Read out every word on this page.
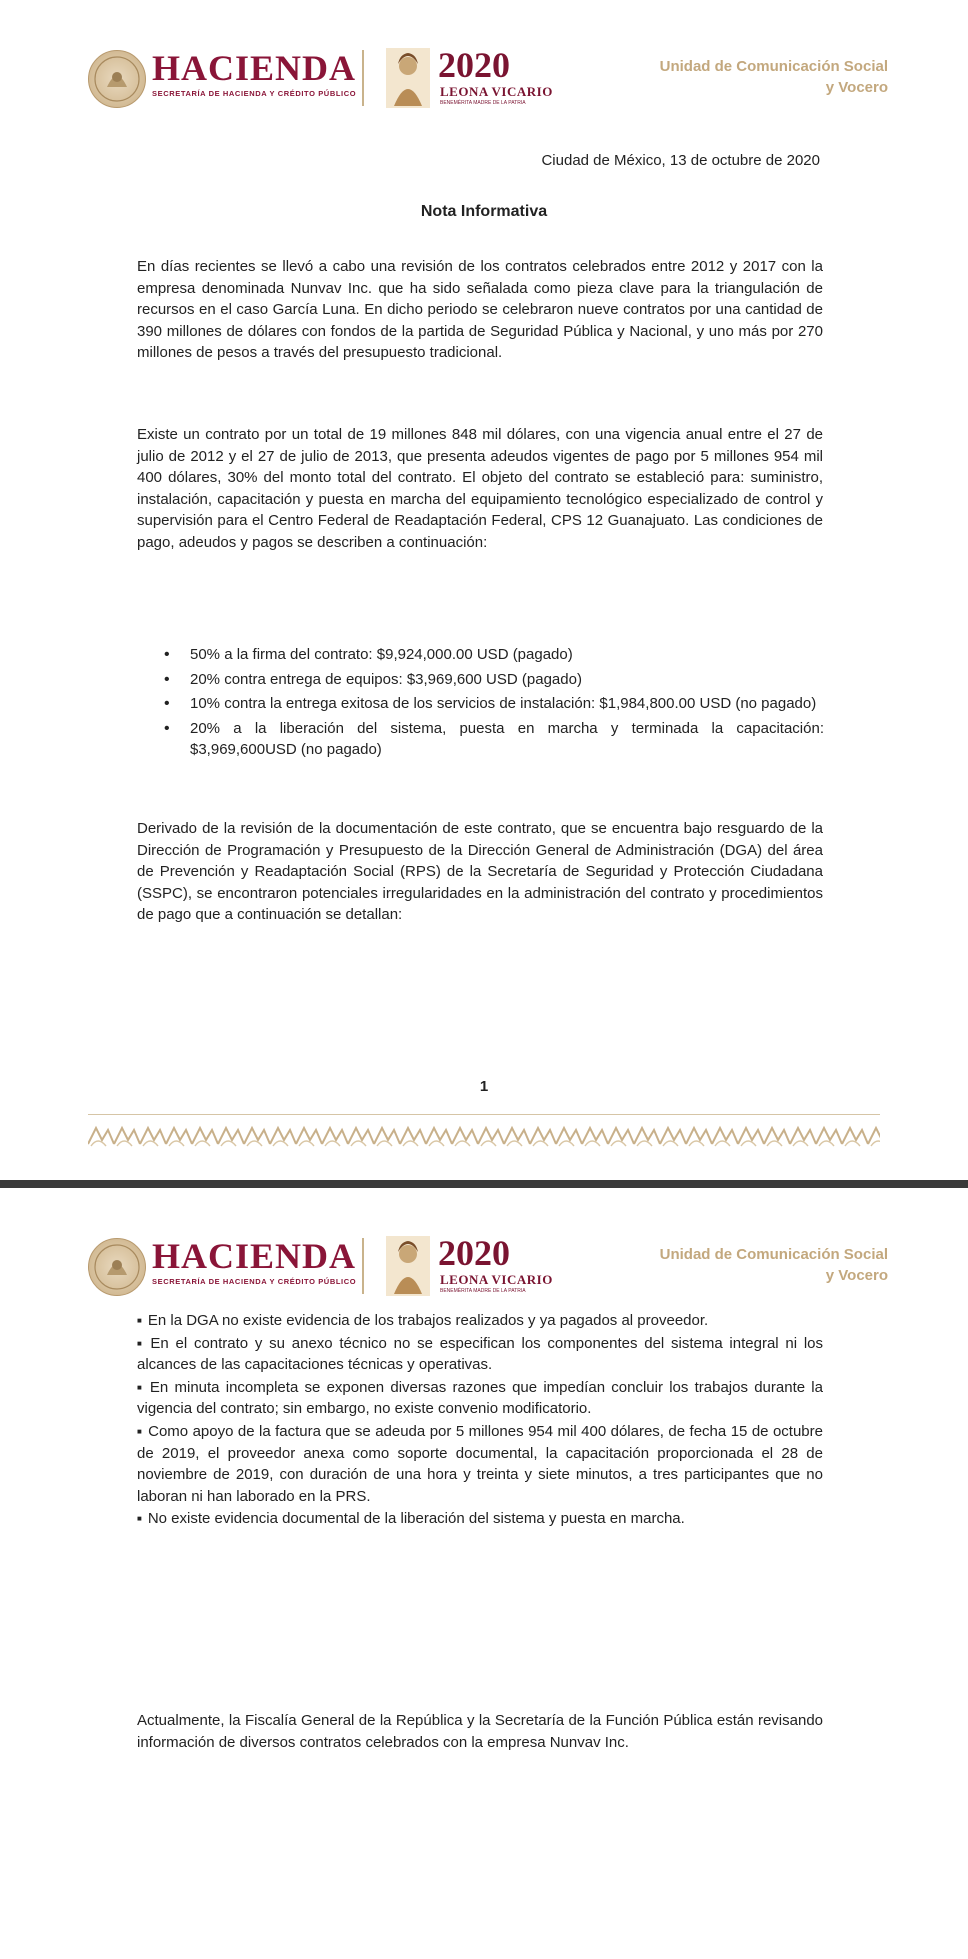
HACIENDA
SECRETARÍA DE HACIENDA Y CRÉDITO PÚBLICO
2020
LEONA VICARIO
BENEMÉRITA MADRE DE LA PATRIA
Unidad de Comunicación Social
y Vocero
Ciudad de México, 13 de octubre de 2020
Nota Informativa

En días recientes se llevó a cabo una revisión de los contratos celebrados entre 2012 y 2017 con la empresa denominada Nunvav Inc. que ha sido señalada como pieza clave para la triangulación de recursos en el caso García Luna. En dicho periodo se celebraron nueve contratos por una cantidad de 390 millones de dólares con fondos de la partida de Seguridad Pública y Nacional, y uno más por 270 millones de pesos a través del presupuesto tradicional.

Existe un contrato por un total de 19 millones 848 mil dólares, con una vigencia anual entre el 27 de julio de 2012 y el 27 de julio de 2013, que presenta adeudos vigentes de pago por 5 millones 954 mil 400 dólares, 30% del monto total del contrato. El objeto del contrato se estableció para: suministro, instalación, capacitación y puesta en marcha del equipamiento tecnológico especializado de control y supervisión para el Centro Federal de Readaptación Federal, CPS 12 Guanajuato. Las condiciones de pago, adeudos y pagos se describen a continuación:

• 50% a la firma del contrato: $9,924,000.00 USD (pagado)
• 20% contra entrega de equipos: $3,969,600 USD (pagado)
• 10% contra la entrega exitosa de los servicios de instalación: $1,984,800.00 USD (no pagado)
• 20% a la liberación del sistema, puesta en marcha y terminada la capacitación: $3,969,600USD (no pagado)

Derivado de la revisión de la documentación de este contrato, que se encuentra bajo resguardo de la Dirección de Programación y Presupuesto de la Dirección General de Administración (DGA) del área de Prevención y Readaptación Social (RPS) de la Secretaría de Seguridad y Protección Ciudadana (SSPC), se encontraron potenciales irregularidades en la administración del contrato y procedimientos de pago que a continuación se detallan:

1
HACIENDA
SECRETARÍA DE HACIENDA Y CRÉDITO PÚBLICO
2020
LEONA VICARIO
BENEMÉRITA MADRE DE LA PATRIA
Unidad de Comunicación Social
y Vocero
■ En la DGA no existe evidencia de los trabajos realizados y ya pagados al proveedor.
■ En el contrato y su anexo técnico no se especifican los componentes del sistema integral ni los alcances de las capacitaciones técnicas y operativas.
■ En minuta incompleta se exponen diversas razones que impedían concluir los trabajos durante la vigencia del contrato; sin embargo, no existe convenio modificatorio.
■ Como apoyo de la factura que se adeuda por 5 millones 954 mil 400 dólares, de fecha 15 de octubre de 2019, el proveedor anexa como soporte documental, la capacitación proporcionada el 28 de noviembre de 2019, con duración de una hora y treinta y siete minutos, a tres participantes que no laboran ni han laborado en la PRS.
■ No existe evidencia documental de la liberación del sistema y puesta en marcha.

Actualmente, la Fiscalía General de la República y la Secretaría de la Función Pública están revisando información de diversos contratos celebrados con la empresa Nunvav Inc.
